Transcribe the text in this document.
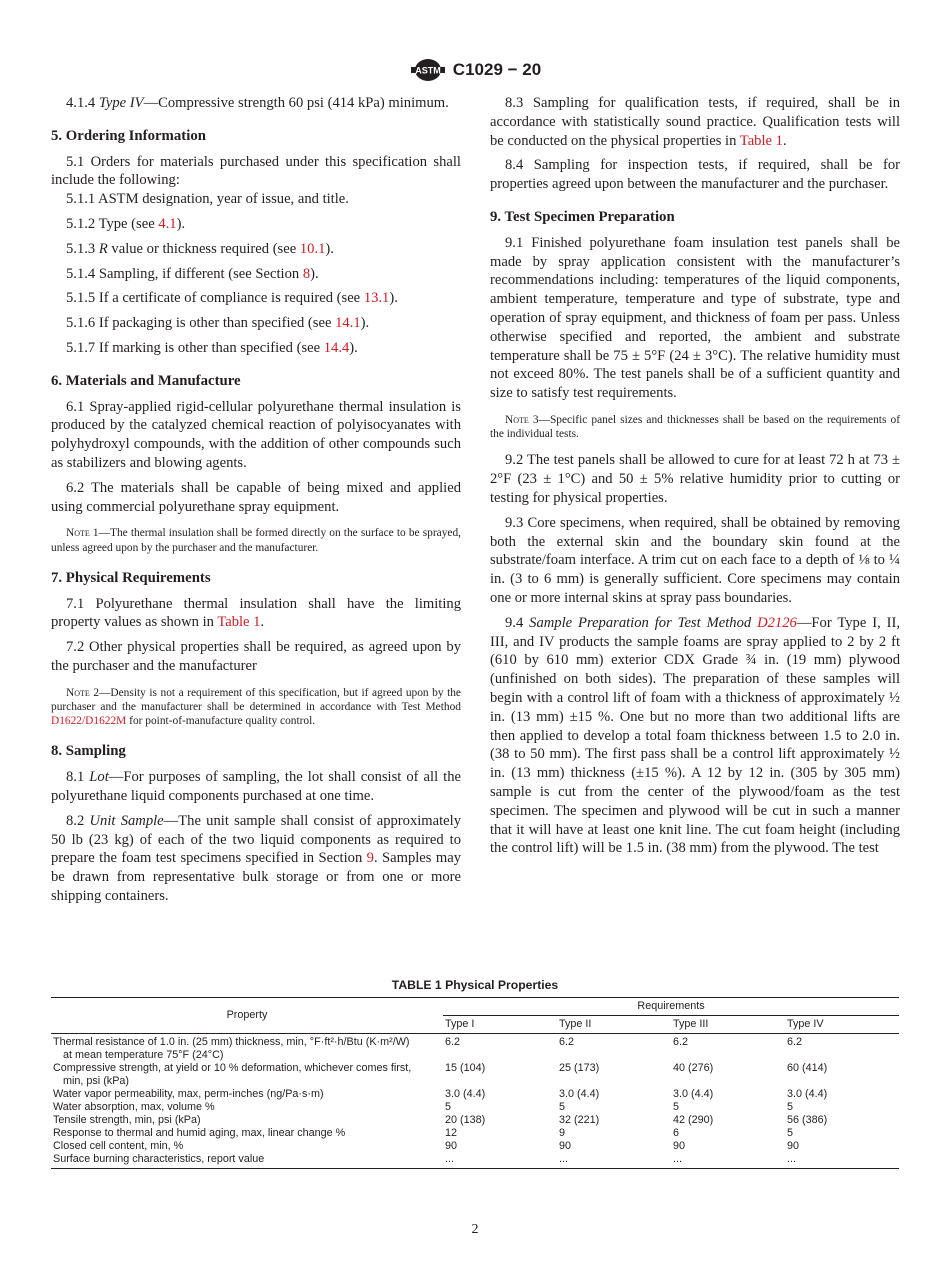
ASTM C1029 − 20

4.1.4 Type IV—Compressive strength 60 psi (414 kPa) minimum.

5. Ordering Information

5.1 Orders for materials purchased under this specification shall include the following:

5.1.1 ASTM designation, year of issue, and title.

5.1.2 Type (see 4.1).

5.1.3 R value or thickness required (see 10.1).

5.1.4 Sampling, if different (see Section 8).

5.1.5 If a certificate of compliance is required (see 13.1).

5.1.6 If packaging is other than specified (see 14.1).

5.1.7 If marking is other than specified (see 14.4).

6. Materials and Manufacture

6.1 Spray-applied rigid-cellular polyurethane thermal insulation is produced by the catalyzed chemical reaction of polyisocyanates with polyhydroxyl compounds, with the addition of other compounds such as stabilizers and blowing agents.

6.2 The materials shall be capable of being mixed and applied using commercial polyurethane spray equipment.

Note 1—The thermal insulation shall be formed directly on the surface to be sprayed, unless agreed upon by the purchaser and the manufacturer.

7. Physical Requirements

7.1 Polyurethane thermal insulation shall have the limiting property values as shown in Table 1.

7.2 Other physical properties shall be required, as agreed upon by the purchaser and the manufacturer

Note 2—Density is not a requirement of this specification, but if agreed upon by the purchaser and the manufacturer shall be determined in accordance with Test Method D1622/D1622M for point-of-manufacture quality control.

8. Sampling

8.1 Lot—For purposes of sampling, the lot shall consist of all the polyurethane liquid components purchased at one time.

8.2 Unit Sample—The unit sample shall consist of approximately 50 lb (23 kg) of each of the two liquid components as required to prepare the foam test specimens specified in Section 9. Samples may be drawn from representative bulk storage or from one or more shipping containers.

8.3 Sampling for qualification tests, if required, shall be in accordance with statistically sound practice. Qualification tests will be conducted on the physical properties in Table 1.

8.4 Sampling for inspection tests, if required, shall be for properties agreed upon between the manufacturer and the purchaser.

9. Test Specimen Preparation

9.1 Finished polyurethane foam insulation test panels shall be made by spray application consistent with the manufacturer’s recommendations including: temperatures of the liquid components, ambient temperature, temperature and type of substrate, type and operation of spray equipment, and thickness of foam per pass. Unless otherwise specified and reported, the ambient and substrate temperature shall be 75 ± 5°F (24 ± 3°C). The relative humidity must not exceed 80%. The test panels shall be of a sufficient quantity and size to satisfy test requirements.

Note 3—Specific panel sizes and thicknesses shall be based on the requirements of the individual tests.

9.2 The test panels shall be allowed to cure for at least 72 h at 73 ± 2°F (23 ± 1°C) and 50 ± 5% relative humidity prior to cutting or testing for physical properties.

9.3 Core specimens, when required, shall be obtained by removing both the external skin and the boundary skin found at the substrate/foam interface. A trim cut on each face to a depth of ⅛ to ¼ in. (3 to 6 mm) is generally sufficient. Core specimens may contain one or more internal skins at spray pass boundaries.

9.4 Sample Preparation for Test Method D2126—For Type I, II, III, and IV products the sample foams are spray applied to 2 by 2 ft (610 by 610 mm) exterior CDX Grade ¾ in. (19 mm) plywood (unfinished on both sides). The preparation of these samples will begin with a control lift of foam with a thickness of approximately ½ in. (13 mm) ±15 %. One but no more than two additional lifts are then applied to develop a total foam thickness between 1.5 to 2.0 in. (38 to 50 mm). The first pass shall be a control lift approximately ½ in. (13 mm) thickness (±15 %). A 12 by 12 in. (305 by 305 mm) sample is cut from the center of the plywood/foam as the test specimen. The specimen and plywood will be cut in such a manner that it will have at least one knit line. The cut foam height (including the control lift) will be 1.5 in. (38 mm) from the plywood. The test

TABLE 1 Physical Properties
Property	Requirements			
	Type I	Type II	Type III	Type IV
Thermal resistance of 1.0 in. (25 mm) thickness, min, °F·ft²·h/Btu (K·m²/W)
at mean temperature 75°F (24°C)	6.2	6.2	6.2	6.2
Compressive strength, at yield or 10 % deformation, whichever comes first,
min, psi (kPa)	15 (104)	25 (173)	40 (276)	60 (414)
Water vapor permeability, max, perm-inches (ng/Pa·s·m)	3.0 (4.4)	3.0 (4.4)	3.0 (4.4)	3.0 (4.4)
Water absorption, max, volume %	5	5	5	5
Tensile strength, min, psi (kPa)	20 (138)	32 (221)	42 (290)	56 (386)
Response to thermal and humid aging, max, linear change %	12	9	6	5
Closed cell content, min, %	90	90	90	90
Surface burning characteristics, report value	...	...	...	...
2
